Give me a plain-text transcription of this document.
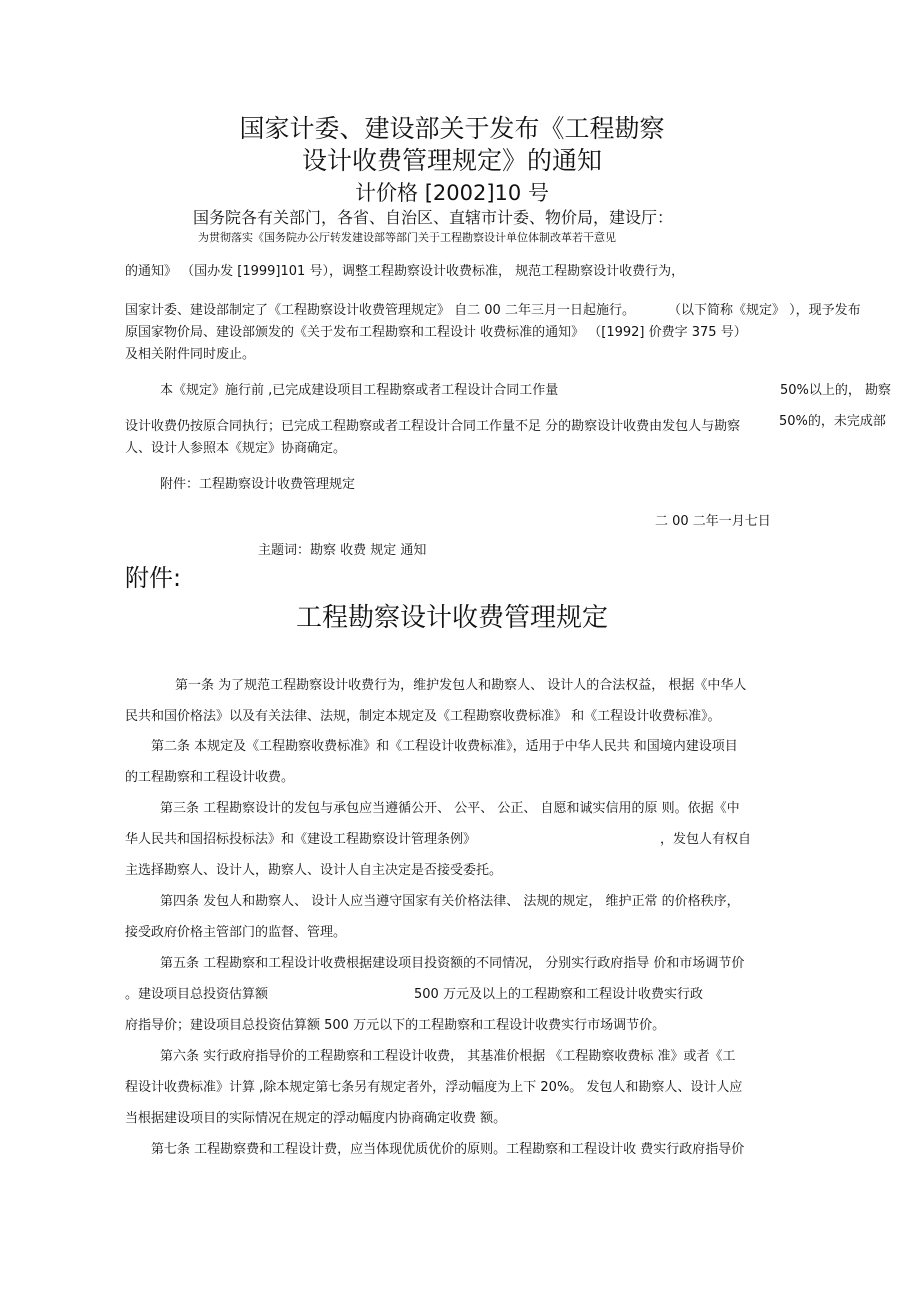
国家计委、建设部关于发布《工程勘察
设计收费管理规定》的通知
计价格 [2002]10 号
国务院各有关部门，各省、自治区、直辖市计委、物价局，建设厅：
为贯彻落实《国务院办公厅转发建设部等部门关于工程勘察设计单位体制改革若干意见
的通知》 （国办发 [1999]101 号），调整工程勘察设计收费标准， 规范工程勘察设计收费行为，
国家计委、建设部制定了《工程勘察设计收费管理规定》 自二 00 二年三月一日起施行。	（以下简称《规定》 ），现予发布
原国家物价局、建设部颁发的《关于发布工程勘察和工程设计 收费标准的通知》 （[1992] 价费字 375 号）
及相关附件同时废止。
本《规定》施行前 ,已完成建设项目工程勘察或者工程设计合同工作量	50%以上的， 勘察
设计收费仍按原合同执行；已完成工程勘察或者工程设计合同工作量不足 分的勘察设计收费由发包人与勘察	50%的，未完成部
人、设计人参照本《规定》协商确定。
附件：工程勘察设计收费管理规定
二 00 二年一月七日
主题词：勘察 收费 规定 通知
附件:
工程勘察设计收费管理规定
第一条 为了规范工程勘察设计收费行为，维护发包人和勘察人、 设计人的合法权益， 根据《中华人
民共和国价格法》以及有关法律、法规，制定本规定及《工程勘察收费标准》 和《工程设计收费标准》。
第二条 本规定及《工程勘察收费标准》和《工程设计收费标准》，适用于中华人民共 和国境内建设项目
的工程勘察和工程设计收费。
第三条 工程勘察设计的发包与承包应当遵循公开、 公平、 公正、 自愿和诚实信用的原 则。依据《中
华人民共和国招标投标法》和《建设工程勘察设计管理条例》	，发包人有权自
主选择勘察人、设计人，勘察人、设计人自主决定是否接受委托。
第四条 发包人和勘察人、 设计人应当遵守国家有关价格法律、 法规的规定， 维护正常 的价格秩序，
接受政府价格主管部门的监督、管理。
第五条 工程勘察和工程设计收费根据建设项目投资额的不同情况， 分别实行政府指导 价和市场调节价
。建设项目总投资估算额	500 万元及以上的工程勘察和工程设计收费实行政
府指导价；建设项目总投资估算额 500 万元以下的工程勘察和工程设计收费实行市场调节价。
第六条 实行政府指导价的工程勘察和工程设计收费， 其基准价根据 《工程勘察收费标 准》或者《工
程设计收费标准》计算 ,除本规定第七条另有规定者外，浮动幅度为上下 20%。 发包人和勘察人、设计人应
当根据建设项目的实际情况在规定的浮动幅度内协商确定收费 额。
第七条 工程勘察费和工程设计费，应当体现优质优价的原则。工程勘察和工程设计收 费实行政府指导价
